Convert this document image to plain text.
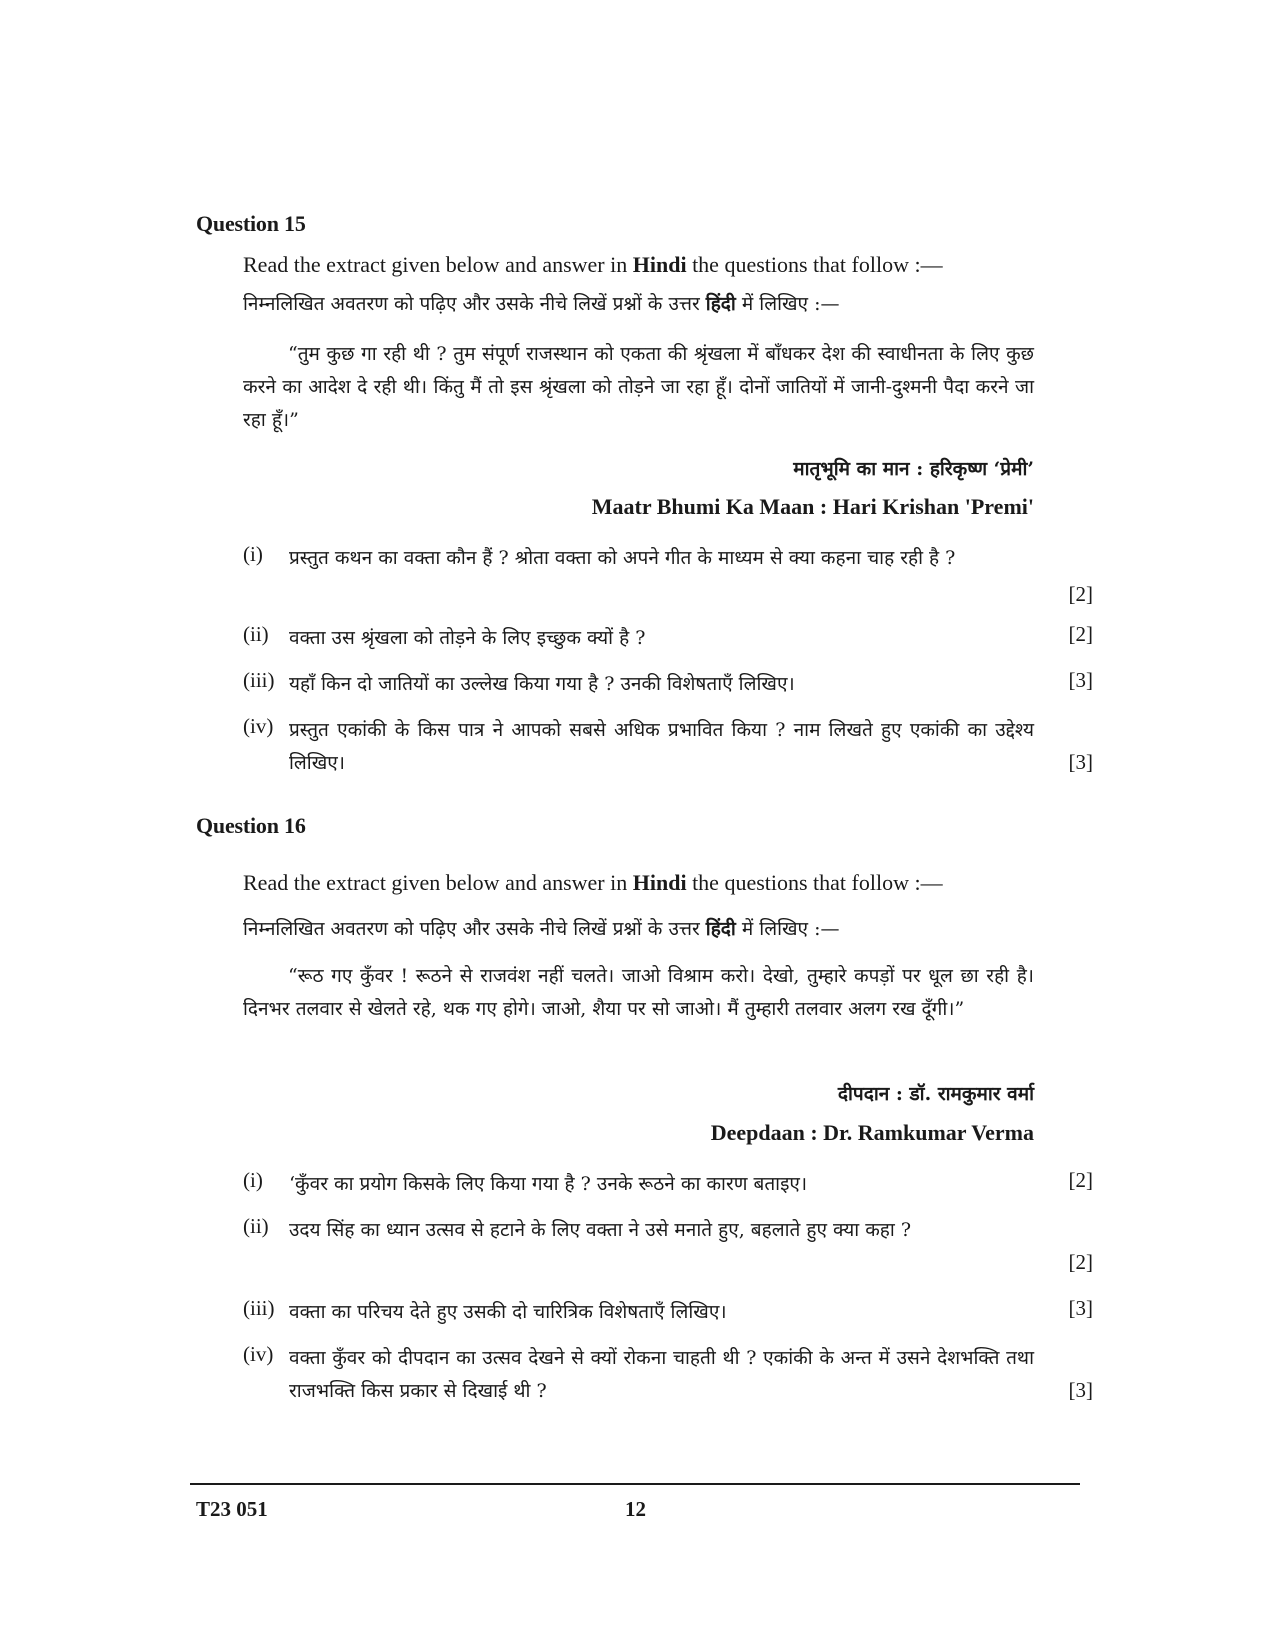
Question 15
Read the extract given below and answer in Hindi the questions that follow :—
निम्नलिखित अवतरण को पढ़िए और उसके नीचे लिखें प्रश्नों के उत्तर हिंदी में लिखिए :—

“तुम कुछ गा रही थी ? तुम संपूर्ण राजस्थान को एकता की श्रृंखला में बाँधकर देश की स्वाधीनता के लिए कुछ करने का आदेश दे रही थी। किंतु मैं तो इस श्रृंखला को तोड़ने जा रहा हूँ। दोनों जातियों में जानी-दुश्मनी पैदा करने जा रहा हूँ।”

मातृभूमि का मान : हरिकृष्ण ‘प्रेमी’
Maatr Bhumi Ka Maan : Hari Krishan 'Premi'
(i) प्रस्तुत कथन का वक्ता कौन हैं ? श्रोता वक्ता को अपने गीत के माध्यम से क्या कहना चाह रही है ?

[2]
(ii) वक्ता उस श्रृंखला को तोड़ने के लिए इच्छुक क्यों है ?	[2]
(iii) यहाँ किन दो जातियों का उल्लेख किया गया है ? उनकी विशेषताएँ लिखिए।	[3]
(iv) प्रस्तुत एकांकी के किस पात्र ने आपको सबसे अधिक प्रभावित किया ? नाम लिखते हुए एकांकी का उद्देश्य लिखिए।	[3]
Question 16
Read the extract given below and answer in Hindi the questions that follow :—
निम्नलिखित अवतरण को पढ़िए और उसके नीचे लिखें प्रश्नों के उत्तर हिंदी में लिखिए :—

“रूठ गए कुँवर ! रूठने से राजवंश नहीं चलते। जाओ विश्राम करो। देखो, तुम्हारे कपड़ों पर धूल छा रही है। दिनभर तलवार से खेलते रहे, थक गए होगे। जाओ, शैया पर सो जाओ। मैं तुम्हारी तलवार अलग रख दूँगी।”

दीपदान : डॉ. रामकुमार वर्मा
Deepdaan : Dr. Ramkumar Verma
(i) ‘कुँवर का प्रयोग किसके लिए किया गया है ? उनके रूठने का कारण बताइए।	[2]
(ii) उदय सिंह का ध्यान उत्सव से हटाने के लिए वक्ता ने उसे मनाते हुए, बहलाते हुए क्या कहा ?

[2]
(iii) वक्ता का परिचय देते हुए उसकी दो चारित्रिक विशेषताएँ लिखिए।	[3]
(iv) वक्ता कुँवर को दीपदान का उत्सव देखने से क्यों रोकना चाहती थी ? एकांकी के अन्त में उसने देशभक्ति तथा राजभक्ति किस प्रकार से दिखाई थी ?	[3]
T23 051	12
